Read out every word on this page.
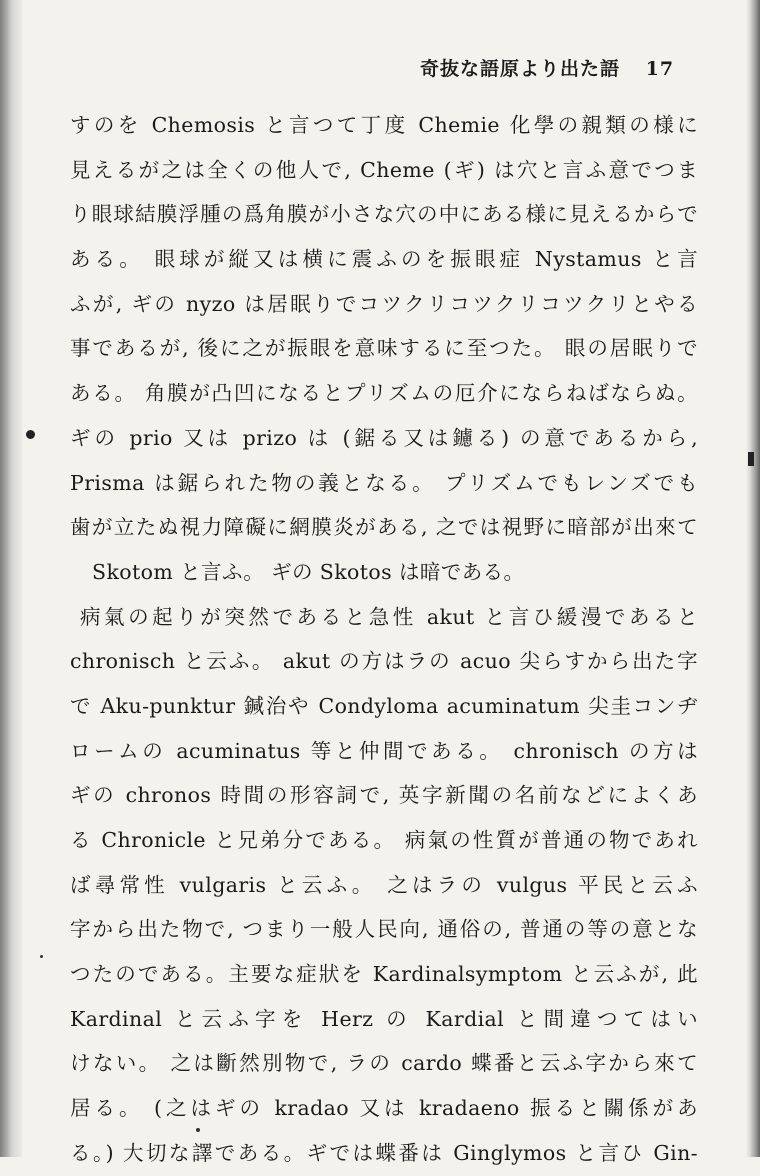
奇抜な語原より出た語 17
すのを Chemosis と言つて丁度 Chemie 化學の親類の様に
見えるが之は全くの他人で, Cheme (ギ) は穴と言ふ意でつま
り眼球結膜浮腫の爲角膜が小さな穴の中にある様に見えるからで
ある。 眼球が縦又は横に震ふのを振眼症 Nystamus と言
ふが, ギの nyzo は居眠りでコツクリコツクリコツクリとやる
事であるが, 後に之が振眼を意味するに至つた。 眼の居眠りで
ある。 角膜が凸凹になるとプリズムの厄介にならねばならぬ。
ギの prio 又は prizo は (鋸る又は鑢る) の意であるから,
Prisma は鋸られた物の義となる。 プリズムでもレンズでも
歯が立たぬ視力障礙に網膜炎がある, 之では視野に暗部が出來て
Skotom と言ふ。 ギの Skotos は暗である。
病氣の起りが突然であると急性 akut と言ひ緩漫であると
chronisch と云ふ。 akut の方はラの acuo 尖らすから出た字
で Aku-punktur 鍼治や Condyloma acuminatum 尖圭コンヂ
ロームの acuminatus 等と仲間である。 chronisch の方は
ギの chronos 時間の形容詞で, 英字新聞の名前などによくあ
る Chronicle と兄弟分である。 病氣の性質が普通の物であれ
ば尋常性 vulgaris と云ふ。 之はラの vulgus 平民と云ふ
字から出た物で, つまり一般人民向, 通俗の, 普通の等の意とな
つたのである。主要な症狀を Kardinalsymptom と云ふが, 此
Kardinal と云ふ字を Herz の Kardial と間違つてはい
けない。 之は斷然別物で, ラの cardo 蝶番と云ふ字から來て
居る。 (之はギの kradao 又は kradaeno 振ると關係があ
る。) 大切な譯である。ギでは蝶番は Ginglymos と言ひ Gin-
